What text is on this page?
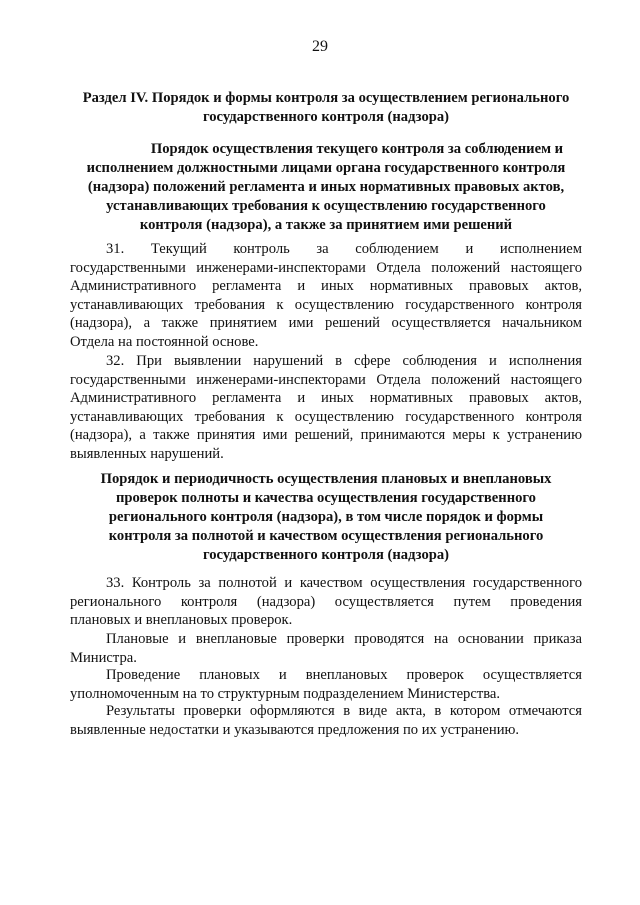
29
Раздел IV. Порядок и формы контроля за осуществлением регионального
государственного контроля (надзора)
Порядок осуществления текущего контроля за соблюдением и
исполнением должностными лицами органа государственного контроля
(надзора) положений регламента и иных нормативных правовых актов,
устанавливающих требования к осуществлению государственного
контроля (надзора), а также за принятием ими решений
31. Текущий контроль за соблюдением и исполнением
государственными инженерами-инспекторами Отдела положений настоящего
Административного регламента и иных нормативных правовых актов,
устанавливающих требования к осуществлению государственного контроля
(надзора), а также принятием ими решений осуществляется начальником
Отдела на постоянной основе.
32. При выявлении нарушений в сфере соблюдения и исполнения
государственными инженерами-инспекторами Отдела положений настоящего
Административного регламента и иных нормативных правовых актов,
устанавливающих требования к осуществлению государственного контроля
(надзора), а также принятия ими решений, принимаются меры к устранению
выявленных нарушений.
Порядок и периодичность осуществления плановых и внеплановых
проверок полноты и качества осуществления государственного
регионального контроля (надзора), в том числе порядок и формы
контроля за полнотой и качеством осуществления регионального
государственного контроля (надзора)
33. Контроль за полнотой и качеством осуществления государственного
регионального контроля (надзора) осуществляется путем проведения
плановых и внеплановых проверок.
Плановые и внеплановые проверки проводятся на основании приказа
Министра.
Проведение плановых и внеплановых проверок осуществляется
уполномоченным на то структурным подразделением Министерства.
Результаты проверки оформляются в виде акта, в котором отмечаются
выявленные недостатки и указываются предложения по их устранению.
